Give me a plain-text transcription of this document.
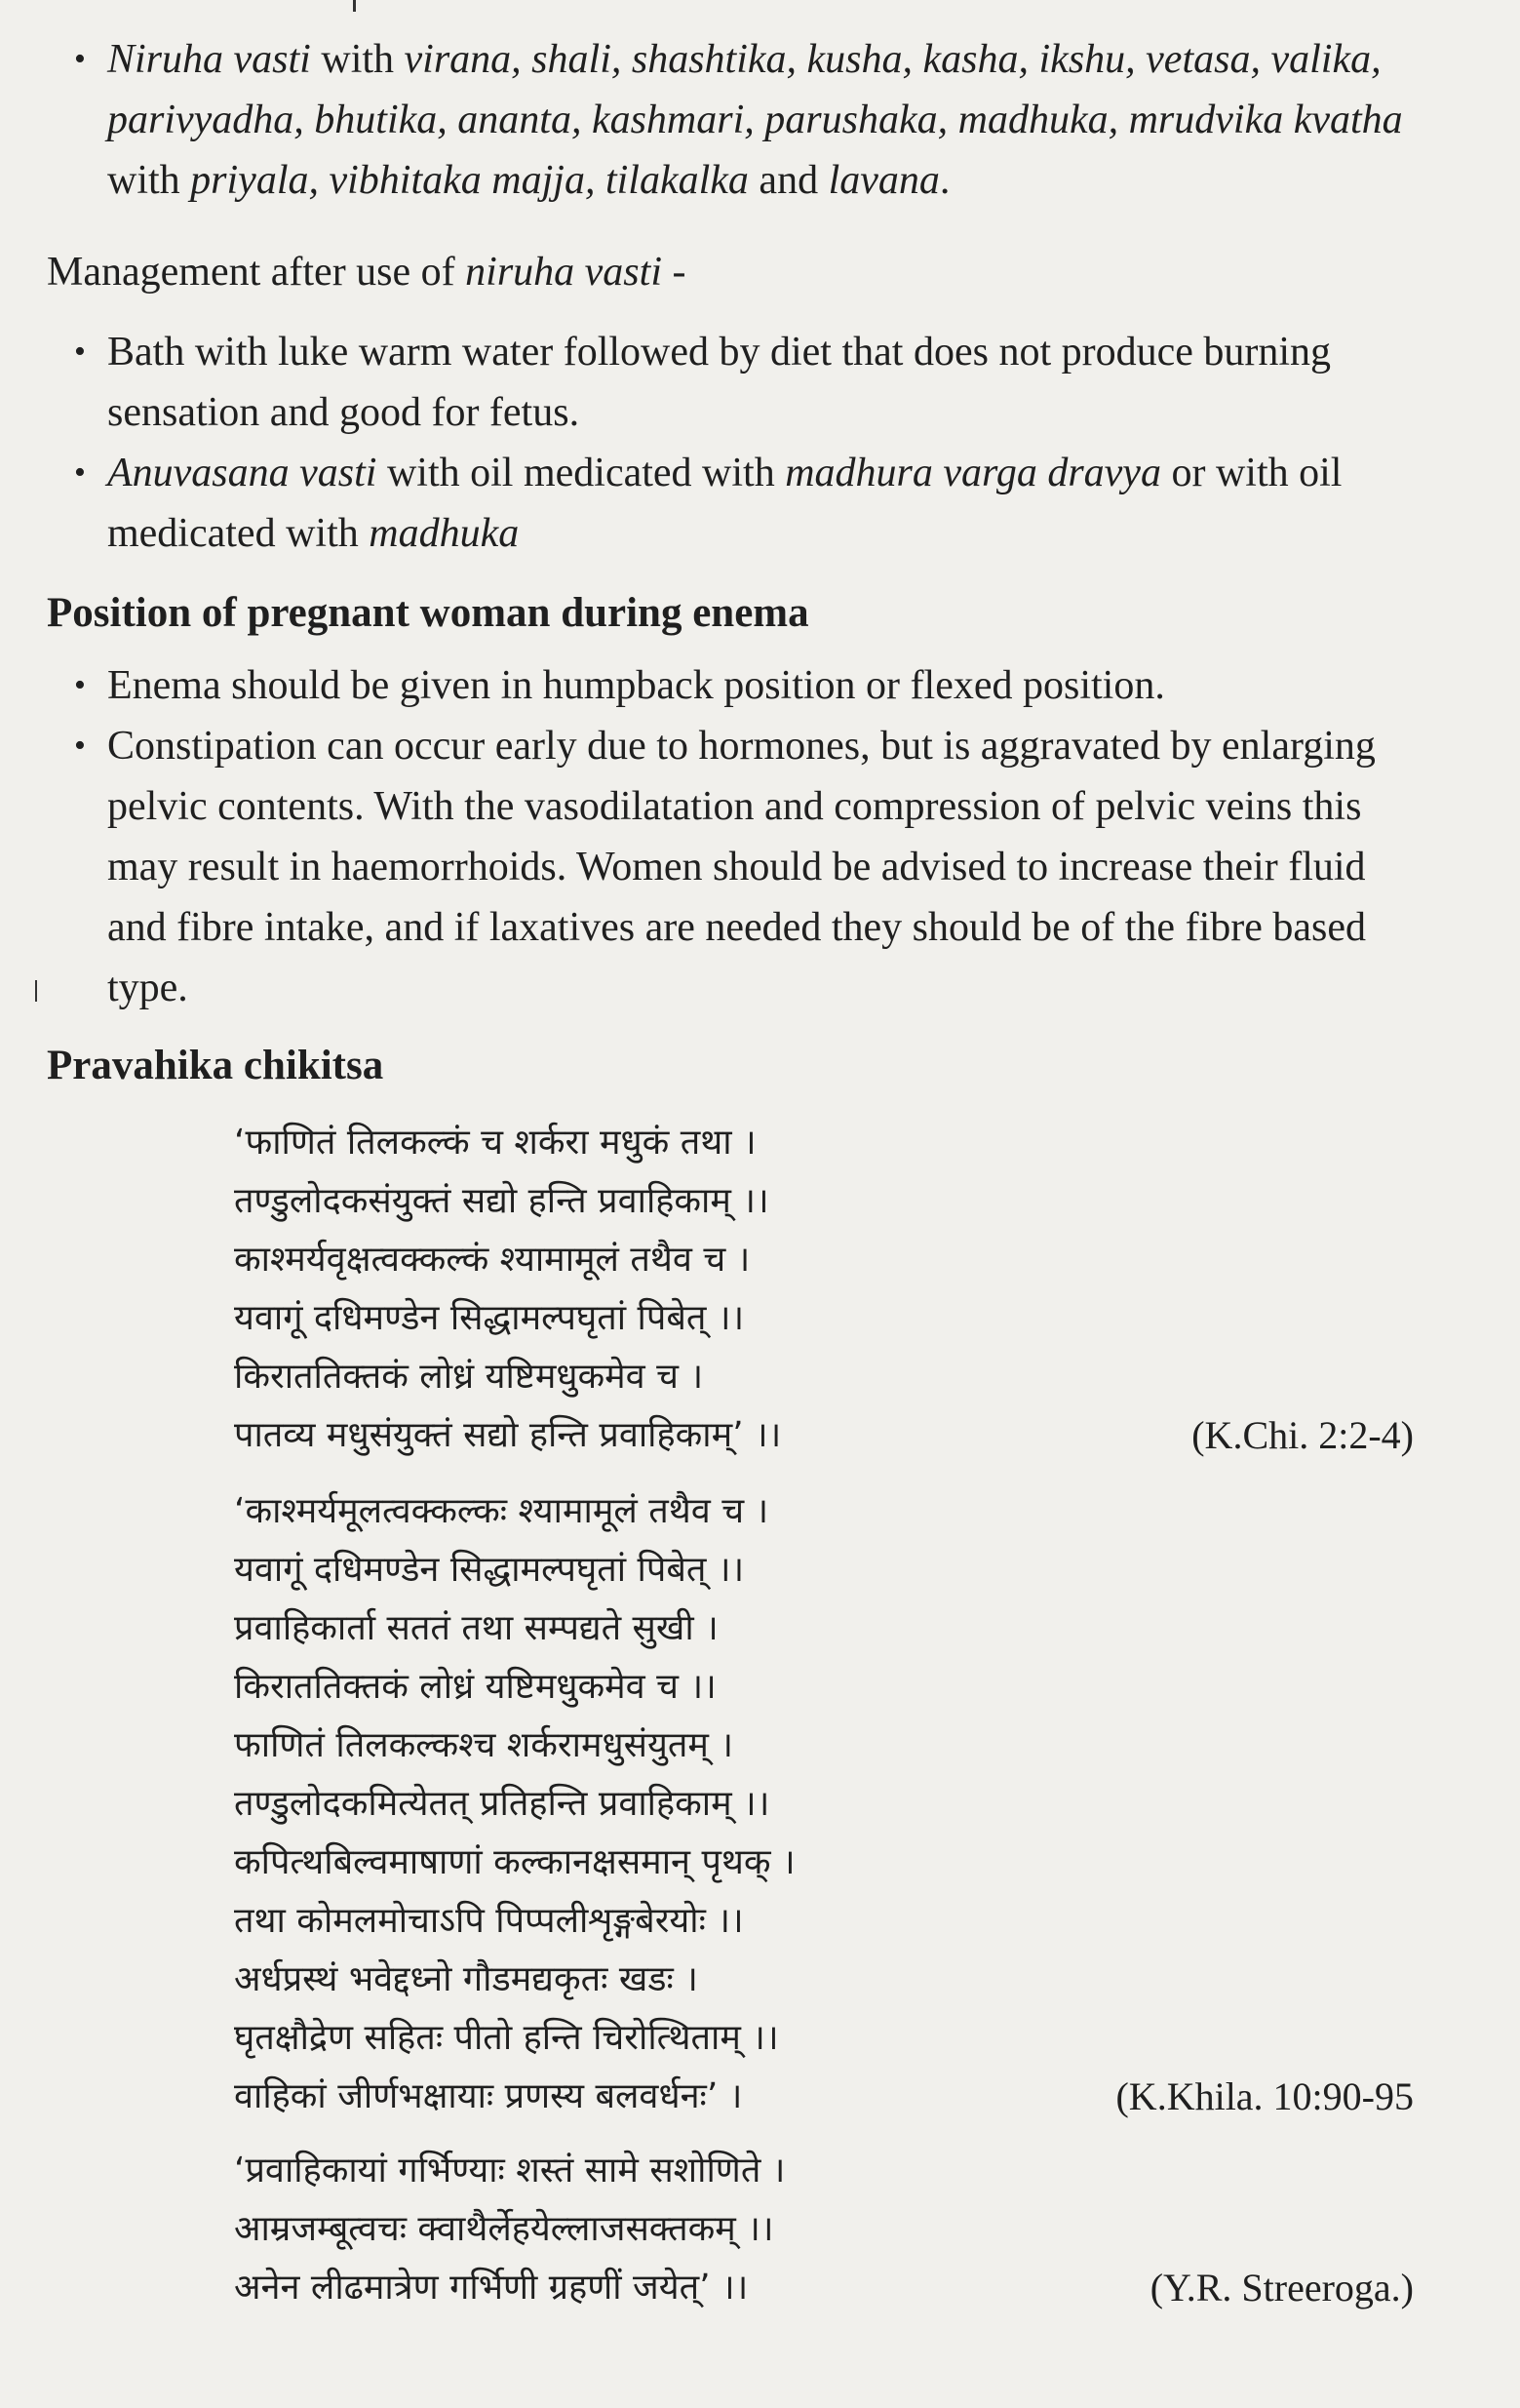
• Niruha vasti with virana, shali, shashtika, kusha, kasha, ikshu, vetasa, valika, parivyadha, bhutika, ananta, kashmari, parushaka, madhuka, mrudvika kvatha with priyala, vibhitaka majja, tilakalka and lavana.

Management after use of niruha vasti -

• Bath with luke warm water followed by diet that does not produce burning sensation and good for fetus.
• Anuvasana vasti with oil medicated with madhura varga dravya or with oil medicated with madhuka
Position of pregnant woman during enema
• Enema should be given in humpback position or flexed position.
• Constipation can occur early due to hormones, but is aggravated by enlarging pelvic contents. With the vasodilatation and compression of pelvic veins this may result in haemorrhoids. Women should be advised to increase their fluid and fibre intake, and if laxatives are needed they should be of the fibre based type.
Pravahika chikitsa
‘फाणितं तिलकल्कं च शर्करा मधुकं तथा ।
तण्डुलोदकसंयुक्तं सद्यो हन्ति प्रवाहिकाम् ।।
काश्मर्यवृक्षत्वक्कल्कं श्यामामूलं तथैव च ।
यवागूं दधिमण्डेन सिद्धामल्पघृतां पिबेत् ।।
किराततिक्तकं लोध्रं यष्टिमधुकमेव च ।
पातव्य मधुसंयुक्तं सद्यो हन्ति प्रवाहिकाम्’ ।।	(K.Chi. 2:2-4)
‘काश्मर्यमूलत्वक्कल्कः श्यामामूलं तथैव च ।
यवागूं दधिमण्डेन सिद्धामल्पघृतां पिबेत् ।।
प्रवाहिकार्ता सततं तथा सम्पद्यते सुखी ।
किराततिक्तकं लोध्रं यष्टिमधुकमेव च ।।
फाणितं तिलकल्कश्च शर्करामधुसंयुतम् ।
तण्डुलोदकमित्येतत् प्रतिहन्ति प्रवाहिकाम् ।।
कपित्थबिल्वमाषाणां कल्कानक्षसमान् पृथक् ।
तथा कोमलमोचाऽपि पिप्पलीशृङ्गबेरयोः ।।
अर्धप्रस्थं भवेद्दध्नो गौडमद्यकृतः खडः ।
घृतक्षौद्रेण सहितः पीतो हन्ति चिरोत्थिताम् ।।
वाहिकां जीर्णभक्षायाः प्रणस्य बलवर्धनः’ ।	(K.Khila. 10:90-95
‘प्रवाहिकायां गर्भिण्याः शस्तं सामे सशोणिते ।
आम्रजम्बूत्वचः क्वाथैर्लेहयेल्लाजसक्तकम् ।।
अनेन लीढमात्रेण गर्भिणी ग्रहणीं जयेत्’ ।।	(Y.R. Streeroga.)
